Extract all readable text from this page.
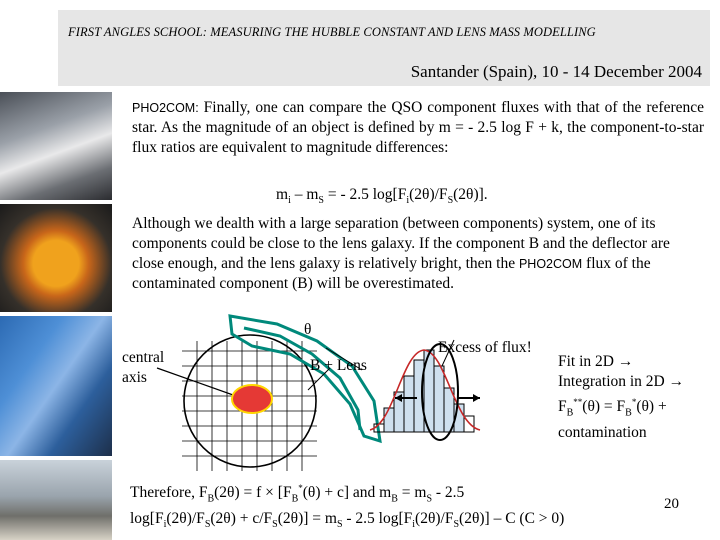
FIRST ANGLES SCHOOL: MEASURING THE HUBBLE CONSTANT AND LENS MASS MODELLING
Santander (Spain), 10 - 14 December 2004
PHO2COM: Finally, one can compare the QSO component fluxes with that of the reference star. As the magnitude of an object is defined by m = - 2.5 log F + k, the component-to-star flux ratios are equivalent to magnitude differences:
$m_i - m_S$ = - 2.5 $\log[F_i(2\theta)/F_S(2\theta)]$.
Although we dealth with a large separation (between components) system, one of its components could be close to the lens galaxy. If the component B and the deflector are close enough, and the lens galaxy is relatively bright, then the PHO2COM flux of the contaminated component (B) will be overestimated.
central axis
θ
B + Lens
Excess of flux!
Fit in 2D →
Integration in 2D →
$F_B^{**}(\theta) = F_B^*(\theta)$ +
contamination
Therefore, $F_B(2\theta) = f \times [F_B^*(\theta) + c]$ and $m_B = m_S - 2.5$
$\log[F_i(2\theta)/F_S(2\theta) + c/F_S(2\theta)] = m_S - 2.5$ $\log[F_i(2\theta)/F_S(2\theta)]$ – C (C > 0)
20
